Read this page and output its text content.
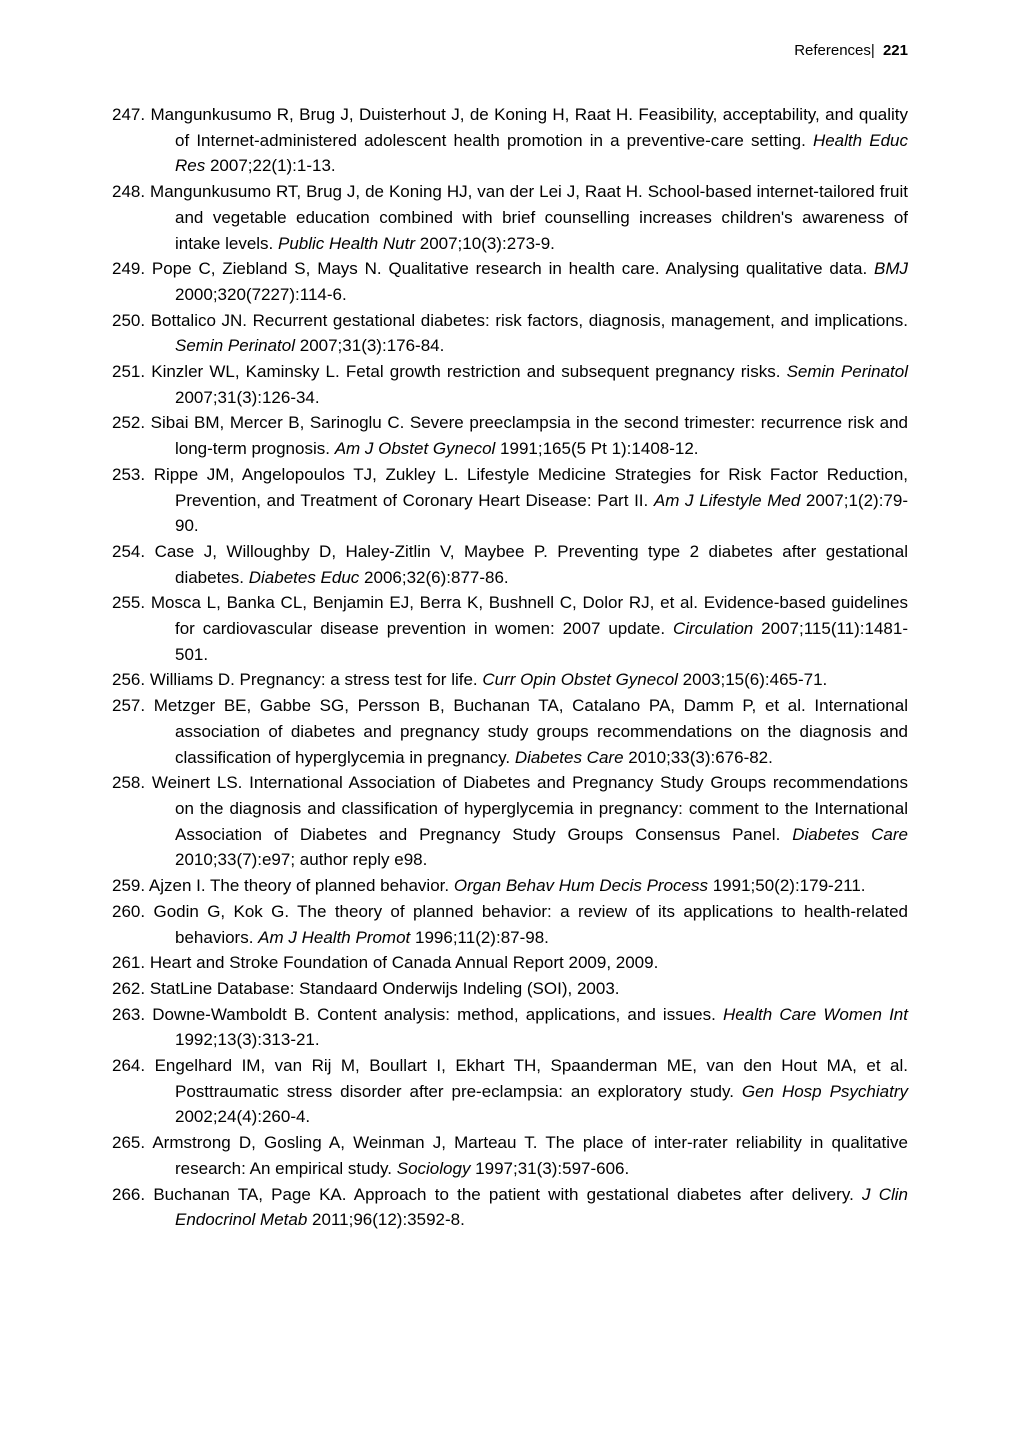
References| 221

247. Mangunkusumo R, Brug J, Duisterhout J, de Koning H, Raat H. Feasibility, acceptability, and quality of Internet-administered adolescent health promotion in a preventive-care setting. Health Educ Res 2007;22(1):1-13.

248. Mangunkusumo RT, Brug J, de Koning HJ, van der Lei J, Raat H. School-based internet-tailored fruit and vegetable education combined with brief counselling increases children's awareness of intake levels. Public Health Nutr 2007;10(3):273-9.

249. Pope C, Ziebland S, Mays N. Qualitative research in health care. Analysing qualitative data. BMJ 2000;320(7227):114-6.

250. Bottalico JN. Recurrent gestational diabetes: risk factors, diagnosis, management, and implications. Semin Perinatol 2007;31(3):176-84.

251. Kinzler WL, Kaminsky L. Fetal growth restriction and subsequent pregnancy risks. Semin Perinatol 2007;31(3):126-34.

252. Sibai BM, Mercer B, Sarinoglu C. Severe preeclampsia in the second trimester: recurrence risk and long-term prognosis. Am J Obstet Gynecol 1991;165(5 Pt 1):1408-12.

253. Rippe JM, Angelopoulos TJ, Zukley L. Lifestyle Medicine Strategies for Risk Factor Reduction, Prevention, and Treatment of Coronary Heart Disease: Part II. Am J Lifestyle Med 2007;1(2):79-90.

254. Case J, Willoughby D, Haley-Zitlin V, Maybee P. Preventing type 2 diabetes after gestational diabetes. Diabetes Educ 2006;32(6):877-86.

255. Mosca L, Banka CL, Benjamin EJ, Berra K, Bushnell C, Dolor RJ, et al. Evidence-based guidelines for cardiovascular disease prevention in women: 2007 update. Circulation 2007;115(11):1481-501.

256. Williams D. Pregnancy: a stress test for life. Curr Opin Obstet Gynecol 2003;15(6):465-71.

257. Metzger BE, Gabbe SG, Persson B, Buchanan TA, Catalano PA, Damm P, et al. International association of diabetes and pregnancy study groups recommendations on the diagnosis and classification of hyperglycemia in pregnancy. Diabetes Care 2010;33(3):676-82.

258. Weinert LS. International Association of Diabetes and Pregnancy Study Groups recommendations on the diagnosis and classification of hyperglycemia in pregnancy: comment to the International Association of Diabetes and Pregnancy Study Groups Consensus Panel. Diabetes Care 2010;33(7):e97; author reply e98.

259. Ajzen I. The theory of planned behavior. Organ Behav Hum Decis Process 1991;50(2):179-211.

260. Godin G, Kok G. The theory of planned behavior: a review of its applications to health-related behaviors. Am J Health Promot 1996;11(2):87-98.

261. Heart and Stroke Foundation of Canada Annual Report 2009, 2009.

262. StatLine Database: Standaard Onderwijs Indeling (SOI), 2003.

263. Downe-Wamboldt B. Content analysis: method, applications, and issues. Health Care Women Int 1992;13(3):313-21.

264. Engelhard IM, van Rij M, Boullart I, Ekhart TH, Spaanderman ME, van den Hout MA, et al. Posttraumatic stress disorder after pre-eclampsia: an exploratory study. Gen Hosp Psychiatry 2002;24(4):260-4.

265. Armstrong D, Gosling A, Weinman J, Marteau T. The place of inter-rater reliability in qualitative research: An empirical study. Sociology 1997;31(3):597-606.

266. Buchanan TA, Page KA. Approach to the patient with gestational diabetes after delivery. J Clin Endocrinol Metab 2011;96(12):3592-8.
